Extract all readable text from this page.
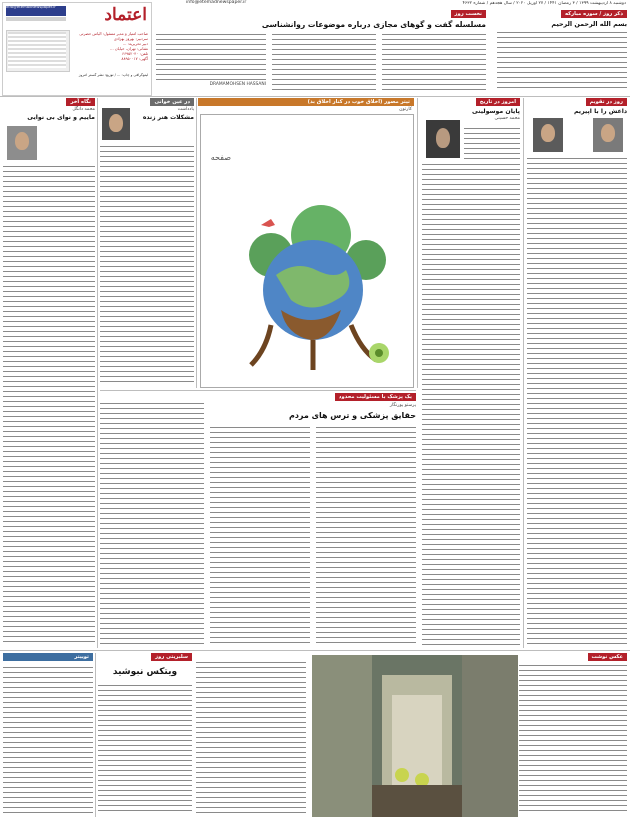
دوشنبه ۸ اردیبهشت ۱۳۹۹ / ۳ رمضان ۱۴۴۱ / ۲۷ آوریل ۲۰۲۰ / سال هجدهم / شماره ۴۶۳۲
info@etemadnewspaper.ir
اعتماد
info@etemadnewspaper.ir
صاحب امتیاز و مدیر مسئول: الیاس حضرتی
سردبیر: بهروز بهزادی
دبیر تحریریه: ...
نشانی: تهران، خیابان ...
تلفن: ۶۶۹۵۲۰۴۰
آگهی: ۸۸۹۵۰۰۱۷
لیتوگرافی و چاپ: ... / توزیع: نشر گستر امروز
نخست روز
مسلسله گفت و گوهای مجازی درباره موضوعات روانشناسی
DRAMAMOHSEN HASSANI
ذکر روز / سوره مبارکه
بسم الله الرحمن الرحیم
روز در تقویم
داعش را با اپیریم
امروز در تاریخ
پایان موسولینی
محمد حسینی
تیتر مصور (اخلاق خوب در کنار اخلاق بد)
کارتون
صفحه
در عین خوانی
یادداشت
مشکلات هنر زنده
نگاه آخر
محمد دانگل
ماییم و نوای بی نوایی
یک پزشک با مسئولیت محدود
پرستو پورنگار
حقایق پزشکی و ترس های مردم
عکس نوشت
سلبریتی روز
ویتکس نبوشید
توییتر
